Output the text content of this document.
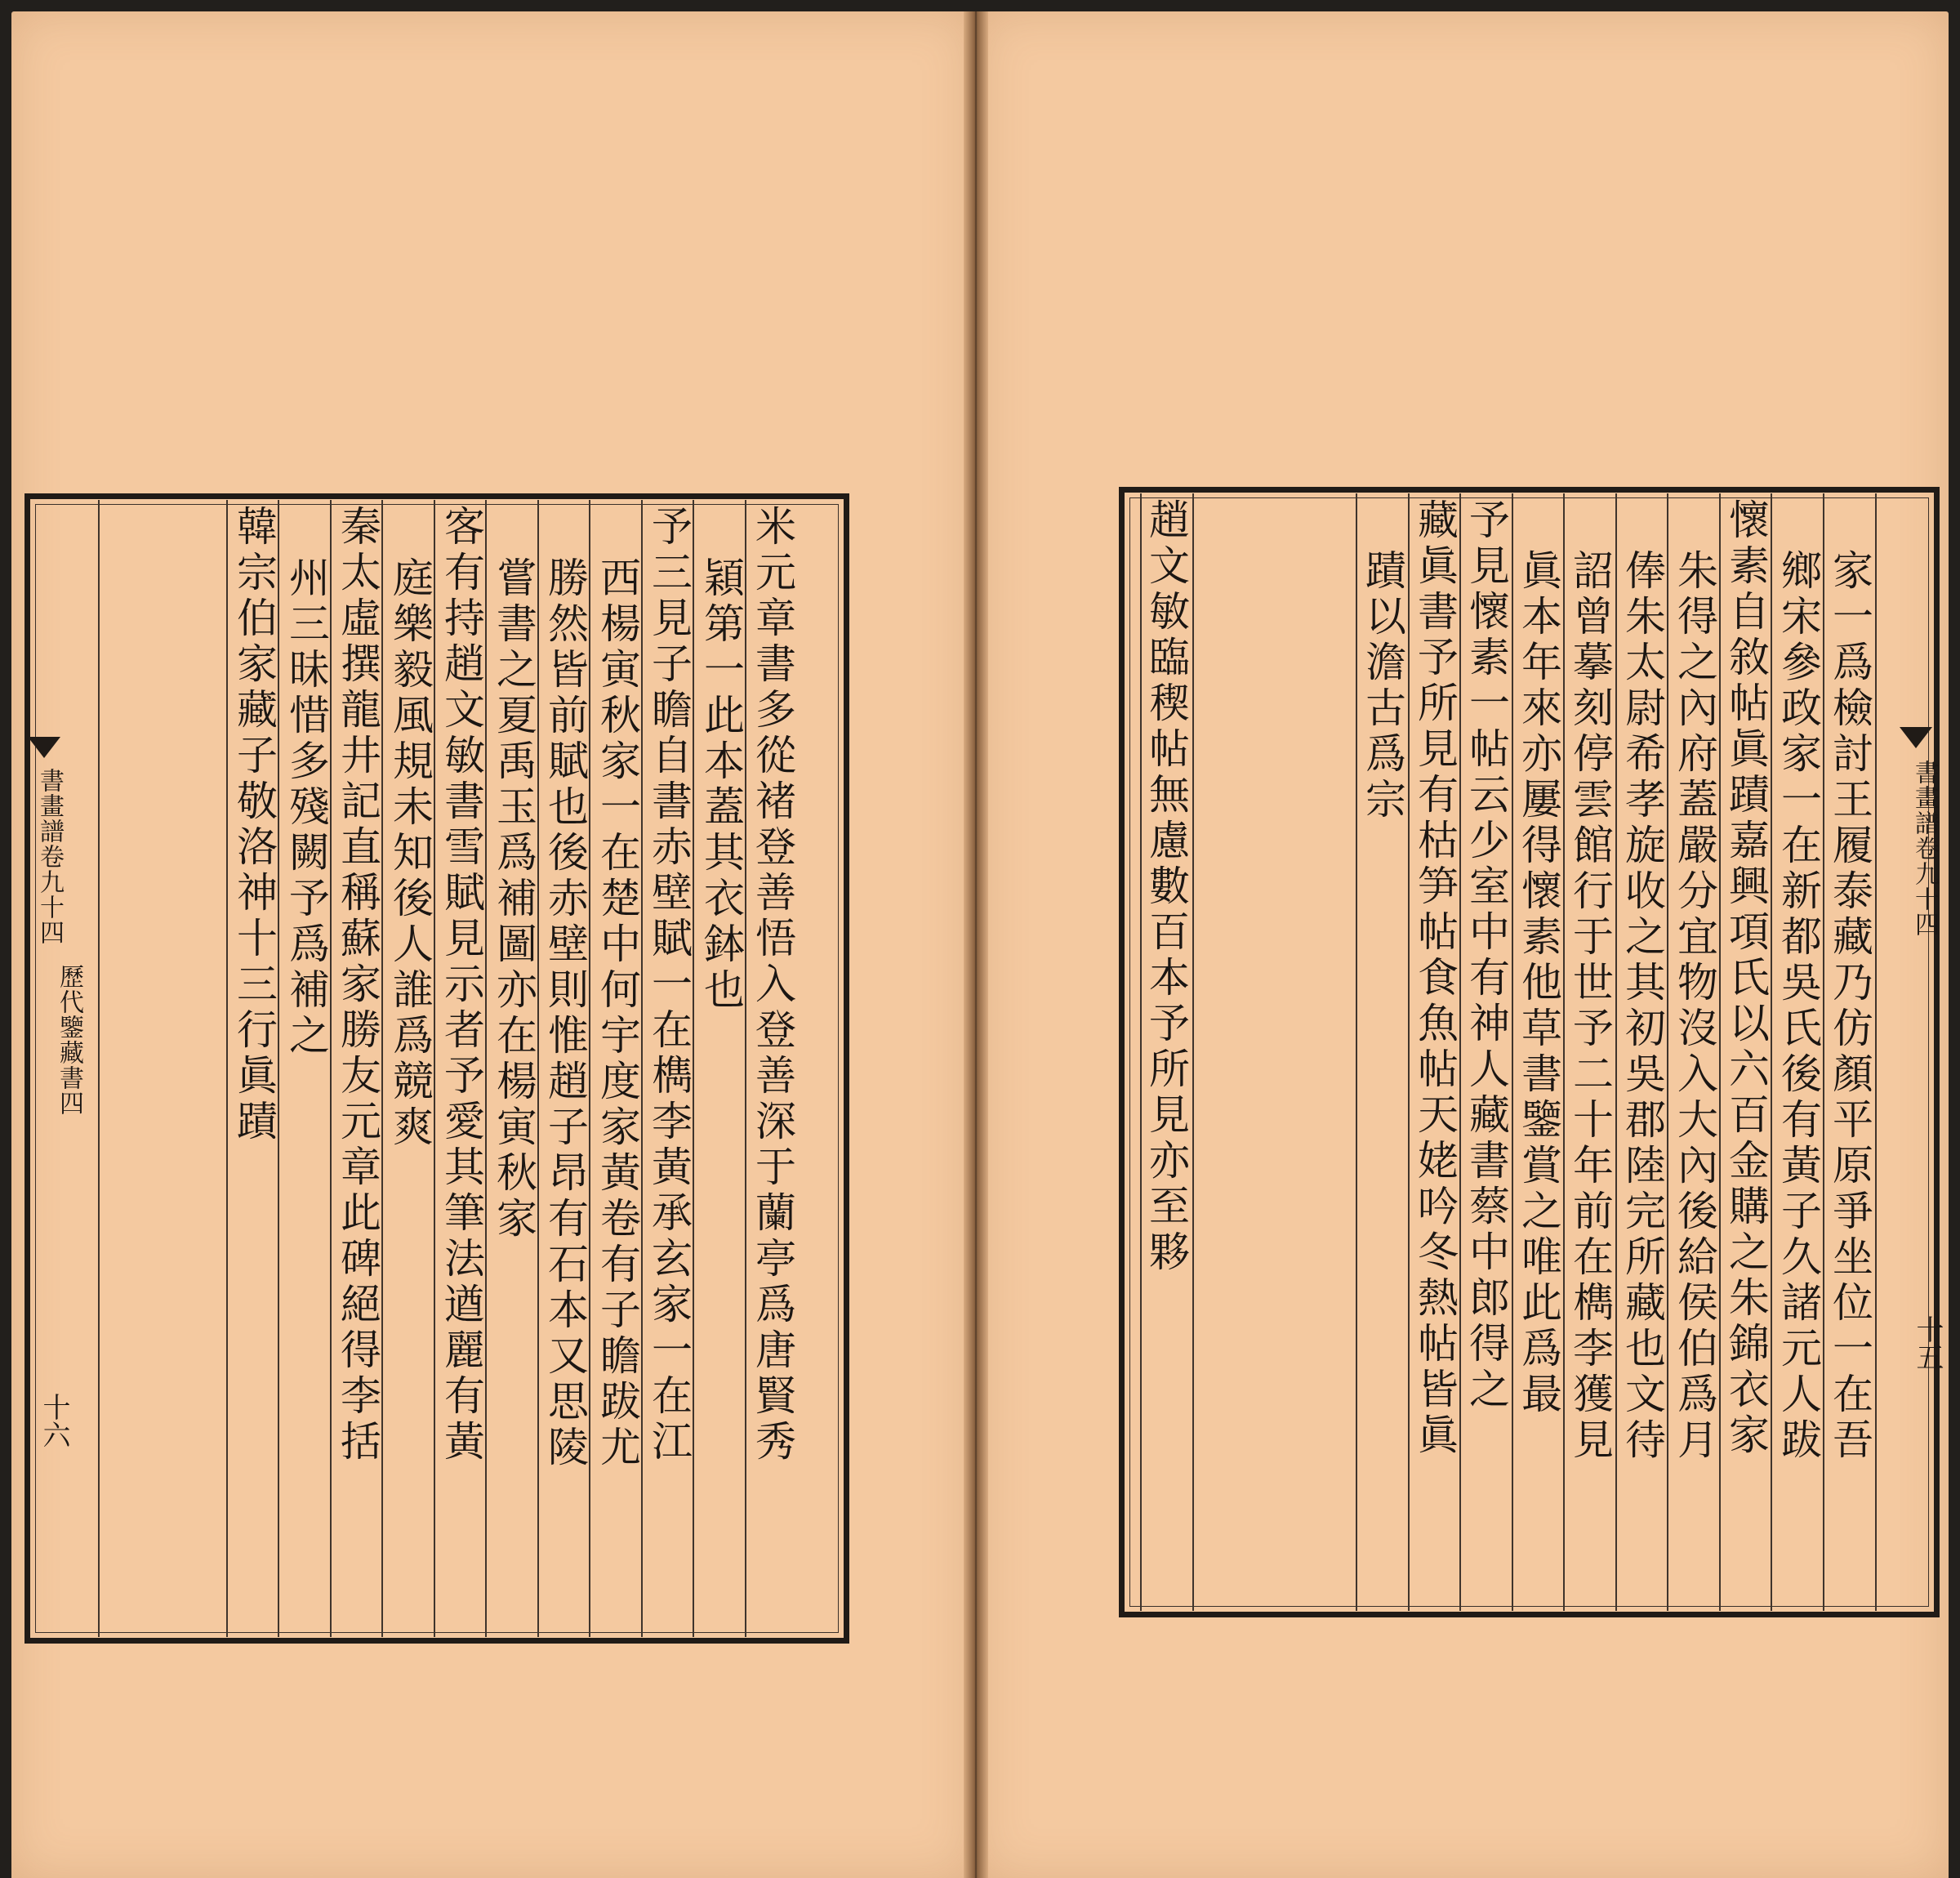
米元章書多從褚登善悟入登善深于蘭亭爲唐賢秀
穎第一此本蓋其衣鉢也
予三見子瞻自書赤壁賦一在檇李黃承玄家一在江
西楊寅秋家一在楚中何宇度家黃卷有子瞻跋尤
勝然皆前賦也後赤壁則惟趙子昂有石本又思陵
嘗書之夏禹玉爲補圖亦在楊寅秋家
客有持趙文敏書雪賦見示者予愛其筆法遒麗有黃
庭樂毅風規未知後人誰爲競爽
秦太虛撰龍井記直稱蘇家勝友元章此碑絕得李括
州三昧惜多殘闕予爲補之
韓宗伯家藏子敬洛神十三行眞蹟
書畫譜卷九十四
歷代鑒藏書四
十六	家一爲檢討王履泰藏乃仿顏平原爭坐位一在吾
鄉宋參政家一在新都吳氏後有黃子久諸元人跋
懷素自敘帖眞蹟嘉興項氏以六百金購之朱錦衣家
朱得之內府蓋嚴分宜物沒入大內後給侯伯爲月
俸朱太尉希孝旋收之其初吳郡陸完所藏也文待
詔曾摹刻停雲館行于世予二十年前在檇李獲見
眞本年來亦屢得懷素他草書鑒賞之唯此爲最
予見懷素一帖云少室中有神人藏書蔡中郎得之
藏眞書予所見有枯笋帖食魚帖天姥吟冬熱帖皆眞
蹟以澹古爲宗
趙文敏臨稧帖無慮數百本予所見亦至夥	書畫譜卷九十四
十五
